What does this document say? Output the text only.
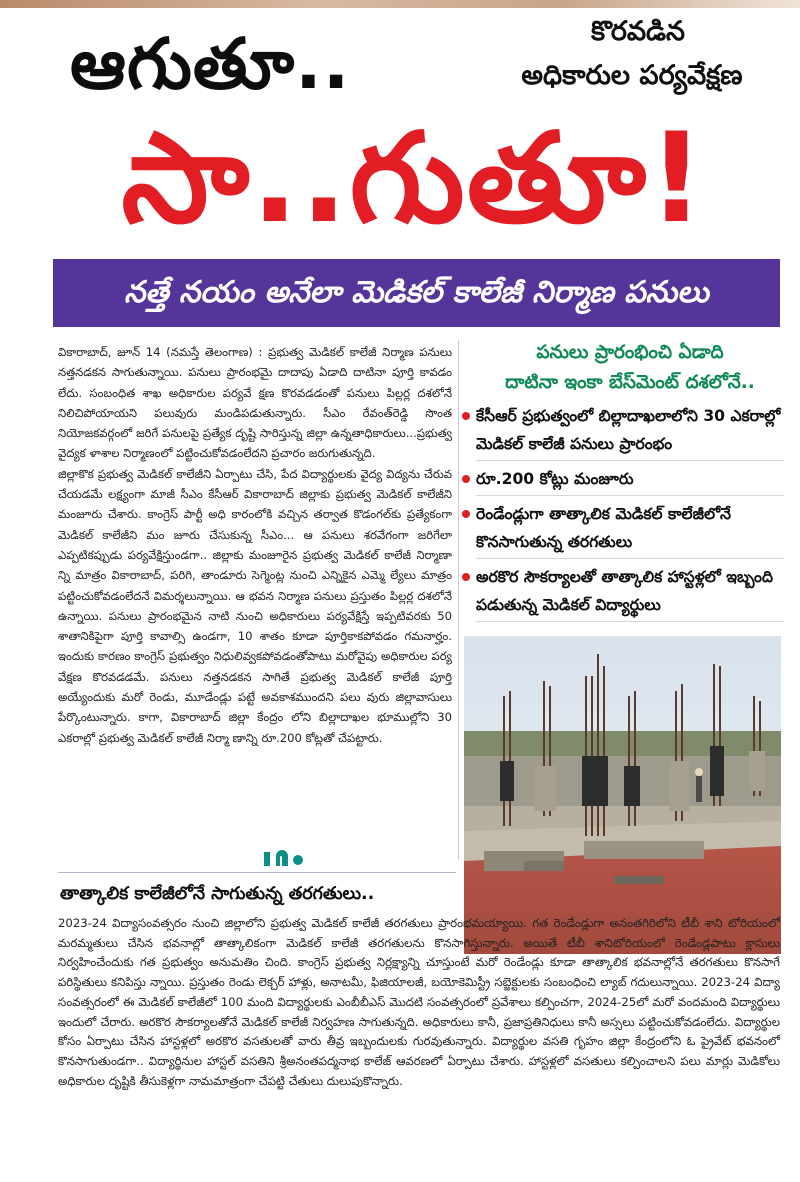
ఆగుతూ..	కొరవడిన
అధికారుల పర్యవేక్షణ
సా..గుతూ!
నత్తే నయం అనేలా మెడికల్ కాలేజీ నిర్మాణ పనులు

వికారాబాద్, జూన్ 14 (నమస్తే తెలంగాణ) : ప్రభుత్వ మెడికల్ కాలేజీ నిర్మాణ పనులు నత్తనడకన సాగుతున్నాయి. పనులు ప్రారంభమై దాదాపు ఏడాది దాటినా పూర్తి కావడం లేదు. సంబంధిత శాఖ అధికారుల పర్యవే క్షణ కొరవడడంతో పనులు పిల్లర్ల దశలోనే నిలిచిపోయాయని పలువురు మండిపడుతున్నారు. సీఎం రేవంత్‌రెడ్డి సొంత నియోజకవర్గంలో జరిగే పనులపై ప్రత్యేక దృష్టి సారిస్తున్న జిల్లా ఉన్నతాధికారులు...ప్రభుత్వ వైద్యక ళాశాల నిర్మాణంలో పట్టించుకోవడంలేదని ప్రచారం జరుగుతున్నది.

జిల్లాకొక ప్రభుత్వ మెడికల్ కాలేజీని ఏర్పాటు చేసి, పేద విద్యార్థులకు వైద్య విద్యను చేరువ చేయడమే లక్ష్యంగా మాజీ సీఎం కేసీఆర్ వికారాబాద్ జిల్లాకు ప్రభుత్వ మెడికల్ కాలేజీని మంజూరు చేశారు. కాంగ్రెస్ పార్టీ అధి కారంలోకి వచ్చిన తర్వాత కొడంగల్‌కు ప్రత్యేకంగా మెడికల్ కాలేజీని మం జూరు చేసుకున్న సీఎం... ఆ పనులు శరవేగంగా జరిగేలా ఎప్పటికప్పుడు పర్యవేక్షిస్తుండగా.. జిల్లాకు మంజూరైన ప్రభుత్వ మెడికల్ కాలేజీ నిర్మాణా న్ని మాత్రం వికారాబాద్, పరిగి, తాండూరు సెగ్మెంట్ల నుంచి ఎన్నికైన ఎమ్మె ల్యేలు మాత్రం పట్టించుకోవడంలేదనే విమర్శలున్నాయి. ఆ భవన నిర్మాణ పనులు ప్రస్తుతం పిల్లర్ల దశలోనే ఉన్నాయి. పనులు ప్రారంభమైన నాటి నుంచి అధికారులు పర్యవేక్షిస్తే ఇప్పటివరకు 50 శాతానికిపైగా పూర్తి కావాల్సి ఉండగా, 10 శాతం కూడా పూర్తికాకపోవడం గమనార్హం. ఇందుకు కారణం కాంగ్రెస్ ప్రభుత్వం నిధులివ్వకపోవడంతోపాటు మరోవైపు అధికారుల పర్య వేక్షణ కొరవడడమే. పనులు నత్తనడకన సాగితే ప్రభుత్వ మెడికల్ కాలేజీ పూర్తి అయ్యేందుకు మరో రెండు, మూడేండ్లు పట్టే అవకాశముందని పలు వురు జిల్లావాసులు పేర్కొంటున్నారు. కాగా, వికారాబాద్ జిల్లా కేంద్రం లోని బిల్లాదాఖల భూముల్లోని 30 ఎకరాల్లో ప్రభుత్వ మెడికల్ కాలేజీ నిర్మా ణాన్ని రూ.200 కోట్లతో చేపట్టారు.

పనులు ప్రారంభించి ఏడాది
దాటినా ఇంకా బేస్‌మెంట్ దశలోనే..
కేసీఆర్ ప్రభుత్వంలో బిల్లాదాఖలాలోని 30 ఎకరాల్లో మెడికల్ కాలేజీ పనులు ప్రారంభం
రూ.200 కోట్లు మంజూరు
రెండేండ్లుగా తాత్కాలిక మెడికల్ కాలేజీలోనే కొనసాగుతున్న తరగతులు
అరకొర సౌకర్యాలతో తాత్కాలిక హాస్టళ్లలో ఇబ్బంది పడుతున్న మెడికల్ విద్యార్థులు
తాత్కాలిక కాలేజీలోనే సాగుతున్న తరగతులు..

2023-24 విద్యాసంవత్సరం నుంచి జిల్లాలోని ప్రభుత్వ మెడికల్ కాలేజీ తరగతులు ప్రారంభమయ్యాయి. గత రెండేండ్లుగా అనంతగిరిలోని టీబీ శాని టోరియంలో మరమ్మతులు చేసిన భవనాల్లో తాత్కాలికంగా మెడికల్ కాలేజీ తరగతులను కొనసాగిస్తున్నారు. అయితే టీబీ శానిటోరియంలో రెండేండ్లపాటు క్లాసులు నిర్వహించేందుకు గత ప్రభుత్వం అనుమతిం చింది. కాంగ్రెస్ ప్రభుత్వ నిర్లక్ష్యాన్ని చూస్తుంటే మరో రెండేండ్లు కూడా తాత్కాలిక భవనాల్లోనే తరగతులు కొనసాగే పరిస్థితులు కనిపిస్తు న్నాయి. ప్రస్తుతం రెండు లెక్చర్ హాళ్లు, అనాటమీ, ఫిజియాలజీ, బయోకెమిస్ట్రీ సబ్జెక్టులకు సంబంధించి ల్యాబ్ గదులున్నాయి. 2023-24 విద్యా సంవత్సరంలో ఈ మెడికల్ కాలేజీలో 100 మంది విద్యార్థులకు ఎంబీబీఎస్ మొదటి సంవత్సరంలో ప్రవేశాలు కల్పించగా, 2024-25లో మరో వందమంది విద్యార్థులు ఇందులో చేరారు. అరకొర సౌకర్యాలతోనే మెడికల్ కాలేజీ నిర్వహణ సాగుతున్నది. అధికారులు కానీ, ప్రజాప్రతినిధులు కానీ అస్సలు పట్టించుకోవడంలేదు. విద్యార్థుల కోసం ఏర్పాటు చేసిన హాస్టళ్లలో అరకొర వసతులతో వారు తీవ్ర ఇబ్బందులకు గురవుతున్నారు. విద్యార్థుల వసతి గృహం జిల్లా కేంద్రంలోని ఓ ప్రైవేట్ భవనంలో కొనసాగుతుండగా.. విద్యార్థినుల హాస్టల్ వసతిని శ్రీఅనంతపద్మనాభ కాలేజ్ ఆవరణలో ఏర్పాటు చేశారు. హాస్టళ్లలో వసతులు కల్పించాలని పలు మార్లు మెడికోలు అధికారుల దృష్టికి తీసుకెళ్లగా నామమాత్రంగా చేపట్టి చేతులు దులుపుకొన్నారు.
